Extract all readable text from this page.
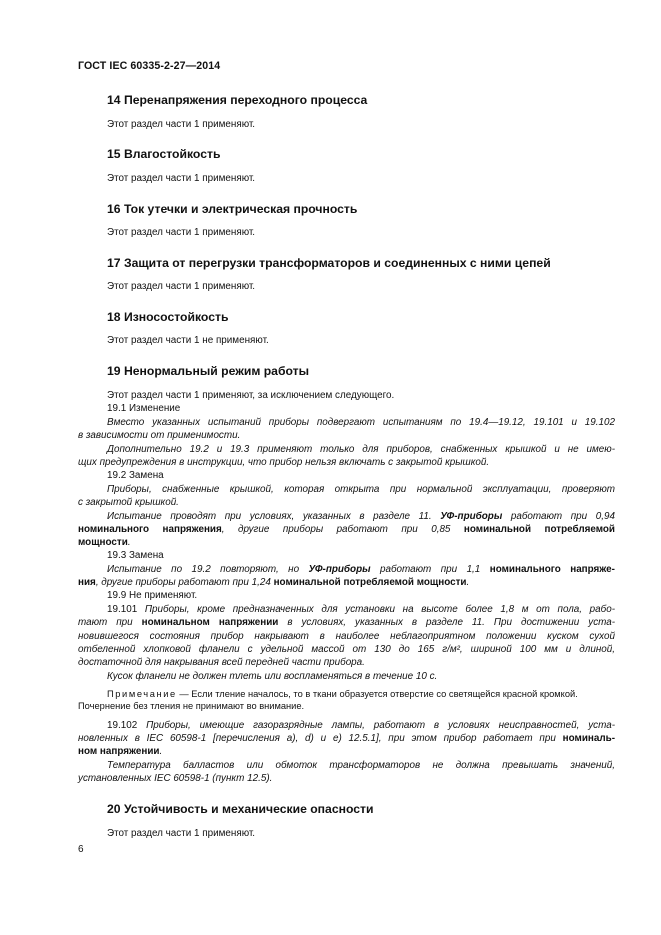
ГОСТ IEC 60335-2-27—2014
14 Перенапряжения переходного процесса
Этот раздел части 1 применяют.
15 Влагостойкость
Этот раздел части 1 применяют.
16 Ток утечки и электрическая прочность
Этот раздел части 1 применяют.
17 Защита от перегрузки трансформаторов и соединенных с ними цепей
Этот раздел части 1 применяют.
18 Износостойкость
Этот раздел части 1 не применяют.
19 Ненормальный режим работы
Этот раздел части 1 применяют, за исключением следующего.
19.1 Изменение
Вместо указанных испытаний приборы подвергают испытаниям по 19.4—19.12, 19.101 и 19.102
в зависимости от применимости.
Дополнительно 19.2 и 19.3 применяют только для приборов, снабженных крышкой и не имею-
щих предупреждения в инструкции, что прибор нельзя включать с закрытой крышкой.
19.2 Замена
Приборы, снабженные крышкой, которая открыта при нормальной эксплуатации, проверяют
с закрытой крышкой.
Испытание проводят при условиях, указанных в разделе 11. УФ-приборы работают при 0,94
номинального напряжения, другие приборы работают при 0,85 номинальной потребляемой
мощности.
19.3 Замена
Испытание по 19.2 повторяют, но УФ-приборы работают при 1,1 номинального напряже-
ния, другие приборы работают при 1,24 номинальной потребляемой мощности.
19.9 Не применяют.
19.101 Приборы, кроме предназначенных для установки на высоте более 1,8 м от пола, рабо-
тают при номинальном напряжении в условиях, указанных в разделе 11. При достижении уста-
новившегося состояния прибор накрывают в наиболее неблагоприятном положении куском сухой
отбеленной хлопковой фланели с удельной массой от 130 до 165 г/м², шириной 100 мм и длиной,
достаточной для накрывания всей передней части прибора.
Кусок фланели не должен тлеть или воспламеняться в течение 10 с.
Примечание — Если тление началось, то в ткани образуется отверстие со светящейся красной кромкой.
Почернение без тления не принимают во внимание.
19.102 Приборы, имеющие газоразрядные лампы, работают в условиях неисправностей, уста-
новленных в IEC 60598-1 [перечисления a), d) и e) 12.5.1], при этом прибор работает при номиналь-
ном напряжении.
Температура балластов или обмоток трансформаторов не должна превышать значений,
установленных IEC 60598-1 (пункт 12.5).
20 Устойчивость и механические опасности
Этот раздел части 1 применяют.
6
